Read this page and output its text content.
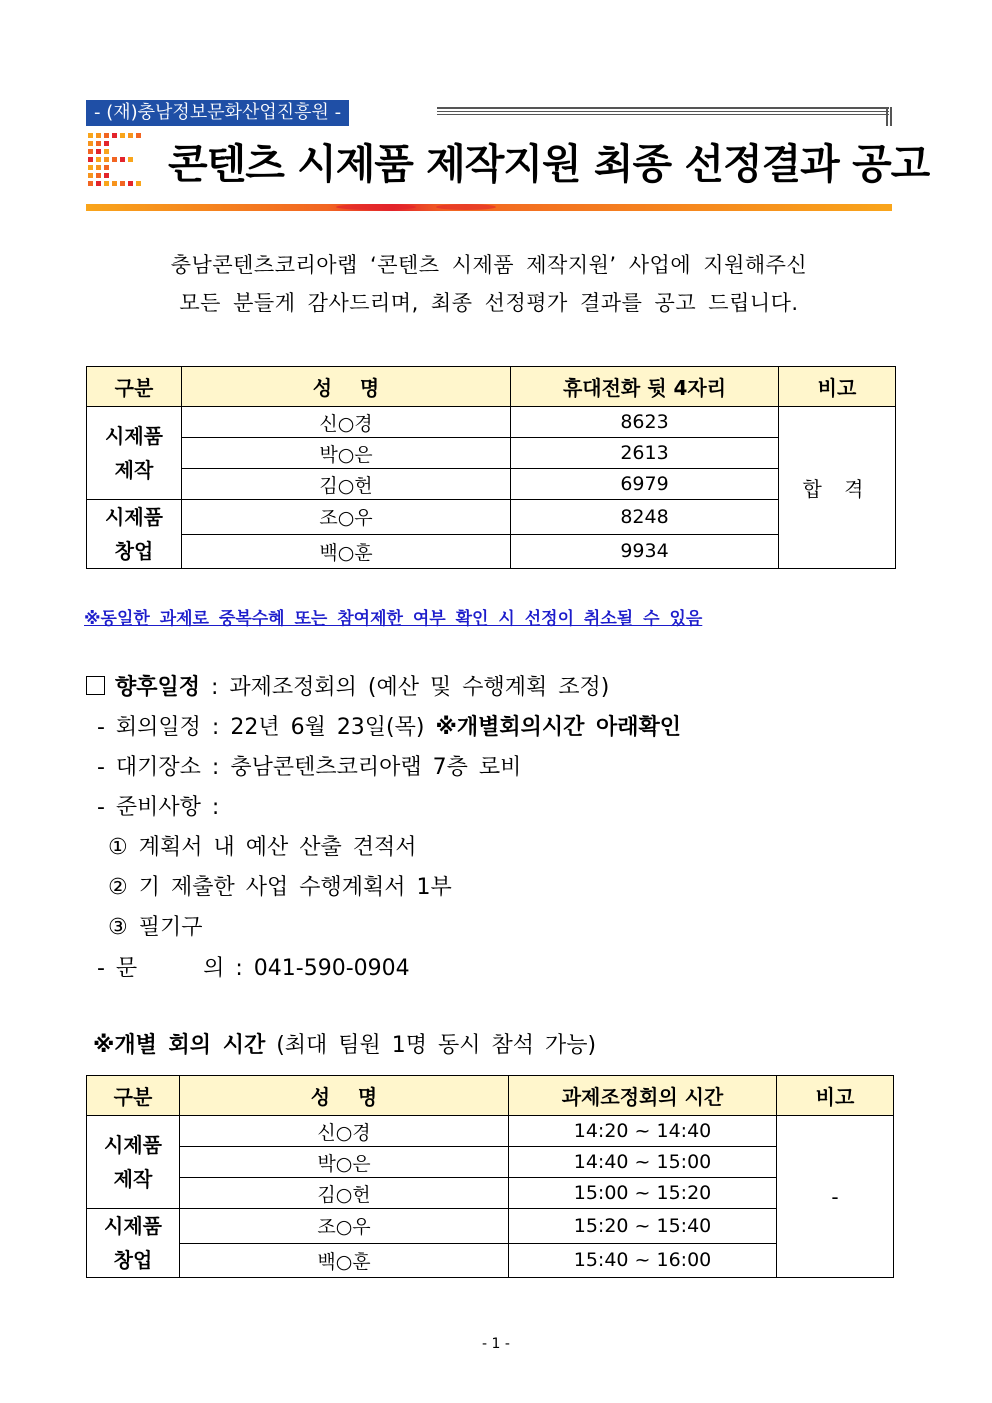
- (재)충남정보문화산업진흥원 -
콘텐츠 시제품 제작지원 최종 선정결과 공고
충남콘텐츠코리아랩 ‘콘텐츠 시제품 제작지원’ 사업에 지원해주신
모든 분들게 감사드리며, 최종 선정평가 결과를 공고 드립니다.
구분	성    명	휴대전화 뒷 4자리	비고
시제품
제작	신○경	8623	합 격
	박○은	2613	
	김○헌	6979	
시제품
창업	조○우	8248	
	백○훈	9934	
※동일한 과제로 중복수혜 또는 참여제한 여부 확인 시 선정이 취소될 수 있음
향후일정 : 과제조정회의 (예산 및 수행계획 조정)
- 회의일정 : 22년 6월 23일(목) ※개별회의시간 아래확인
- 대기장소 : 충남콘텐츠코리아랩 7층 로비
- 준비사항 :
① 계획서 내 예산 산출 견적서
② 기 제출한 사업 수행계획서 1부
③ 필기구
- 문      의 : 041-590-0904
※개별 회의 시간 (최대 팀원 1명 동시 참석 가능)
구분	성    명	과제조정회의 시간	비고
시제품
제작	신○경	14:20 ~ 14:40	-
	박○은	14:40 ~ 15:00	
	김○헌	15:00 ~ 15:20	
시제품
창업	조○우	15:20 ~ 15:40	
	백○훈	15:40 ~ 16:00	
- 1 -
